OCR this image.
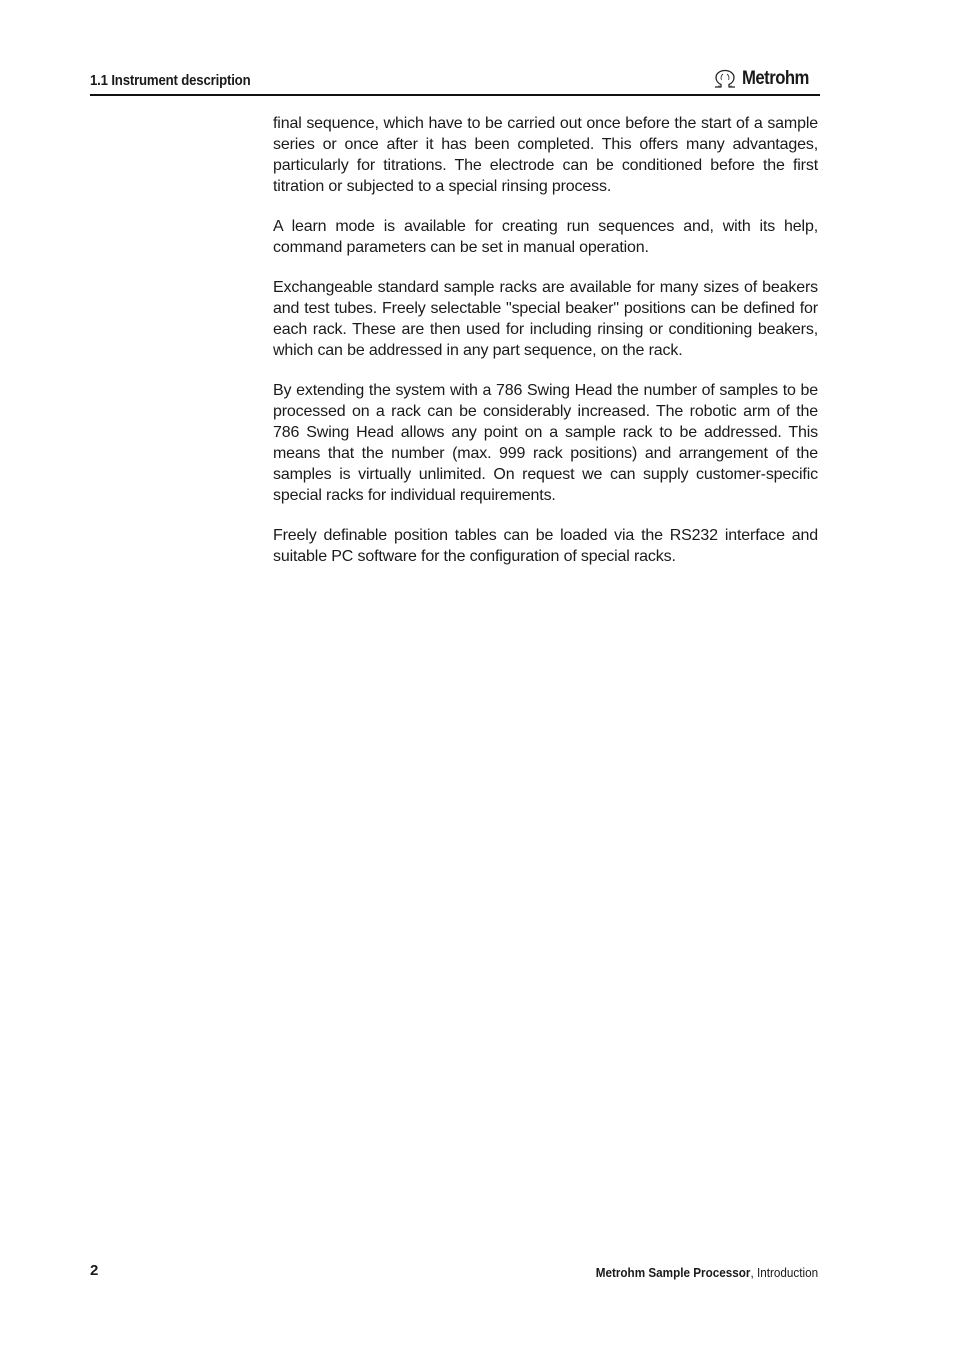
1.1 Instrument description	Metrohm

final sequence, which have to be carried out once before the start of a sample series or once after it has been completed. This offers many advantages, particularly for titrations. The electrode can be conditioned before the first titration or subjected to a special rinsing process.

A learn mode is available for creating run sequences and, with its help, command parameters can be set in manual operation.

Exchangeable standard sample racks are available for many sizes of beakers and test tubes. Freely selectable "special beaker" positions can be defined for each rack. These are then used for including rinsing or conditioning beakers, which can be addressed in any part sequence, on the rack.

By extending the system with a 786 Swing Head the number of samples to be processed on a rack can be considerably increased. The robotic arm of the 786 Swing Head allows any point on a sample rack to be addressed. This means that the number (max. 999 rack positions) and arrangement of the samples is virtually unlimited. On request we can supply customer-specific special racks for individual requirements.

Freely definable position tables can be loaded via the RS232 interface and suitable PC software for the configuration of special racks.

2	Metrohm Sample Processor, Introduction
